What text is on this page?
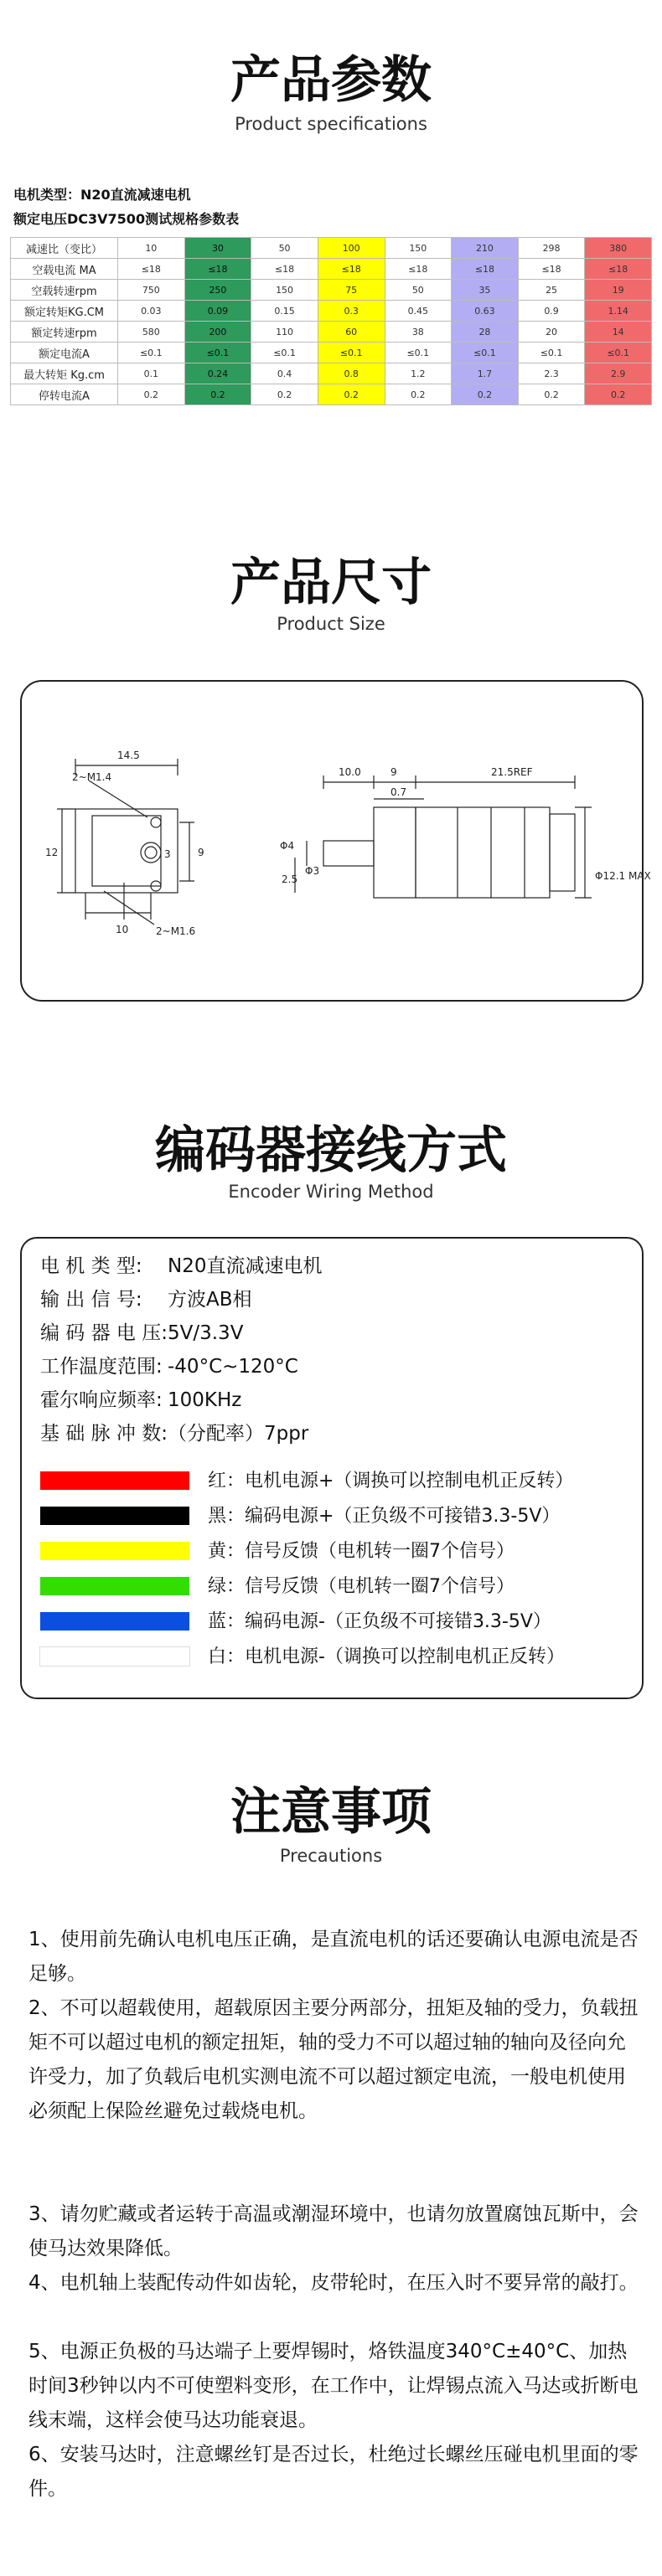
产品参数
Product specifications
电机类型：N20直流减速电机
额定电压DC3V7500测试规格参数表
减速比（变比）	10	30	50	100	150	210	298	380
空载电流 MA	≤18	≤18	≤18	≤18	≤18	≤18	≤18	≤18
空载转速rpm	750	250	150	75	50	35	25	19
额定转矩KG.CM	0.03	0.09	0.15	0.3	0.45	0.63	0.9	1.14
额定转速rpm	580	200	110	60	38	28	20	14
额定电流A	≤0.1	≤0.1	≤0.1	≤0.1	≤0.1	≤0.1	≤0.1	≤0.1
最大转矩 Kg.cm	0.1	0.24	0.4	0.8	1.2	1.7	2.3	2.9
停转电流A	0.2	0.2	0.2	0.2	0.2	0.2	0.2	0.2
产品尺寸
Product Size
14.5
2~M1.4
12	9
3
2~M1.6
10
10.0	9
0.7
21.5REF
Φ3
Φ4
2.5	Φ12.1 MAX
编码器接线方式
Encoder Wiring Method
电 机 类 型: N20直流减速电机
输 出 信 号: 方波AB相
编 码 器 电 压:5V/3.3V
工作温度范围: -40°C~120°C
霍尔响应频率: 100KHz
基 础 脉 冲 数:（分配率）7ppr
红：电机电源+（调换可以控制电机正反转）
黑：编码电源+（正负级不可接错3.3-5V）
黄：信号反馈（电机转一圈7个信号）
绿：信号反馈（电机转一圈7个信号）
蓝：编码电源-（正负级不可接错3.3-5V）
白：电机电源-（调换可以控制电机正反转）
注意事项
Precautions
1、使用前先确认电机电压正确，是直流电机的话还要确认电源电流是否足够。
2、不可以超载使用，超载原因主要分两部分，扭矩及轴的受力，负载扭矩不可以超过电机的额定扭矩，轴的受力不可以超过轴的轴向及径向允许受力，加了负载后电机实测电流不可以超过额定电流，一般电机使用必须配上保险丝避免过载烧电机。
3、请勿贮藏或者运转于高温或潮湿环境中，也请勿放置腐蚀瓦斯中，会使马达效果降低。
4、电机轴上装配传动件如齿轮，皮带轮时，在压入时不要异常的敲打。
5、电源正负极的马达端子上要焊锡时，烙铁温度340°C±40°C、加热时间3秒钟以内不可使塑料变形，在工作中，让焊锡点流入马达或折断电线末端，这样会使马达功能衰退。
6、安装马达时，注意螺丝钉是否过长，杜绝过长螺丝压碰电机里面的零件。
